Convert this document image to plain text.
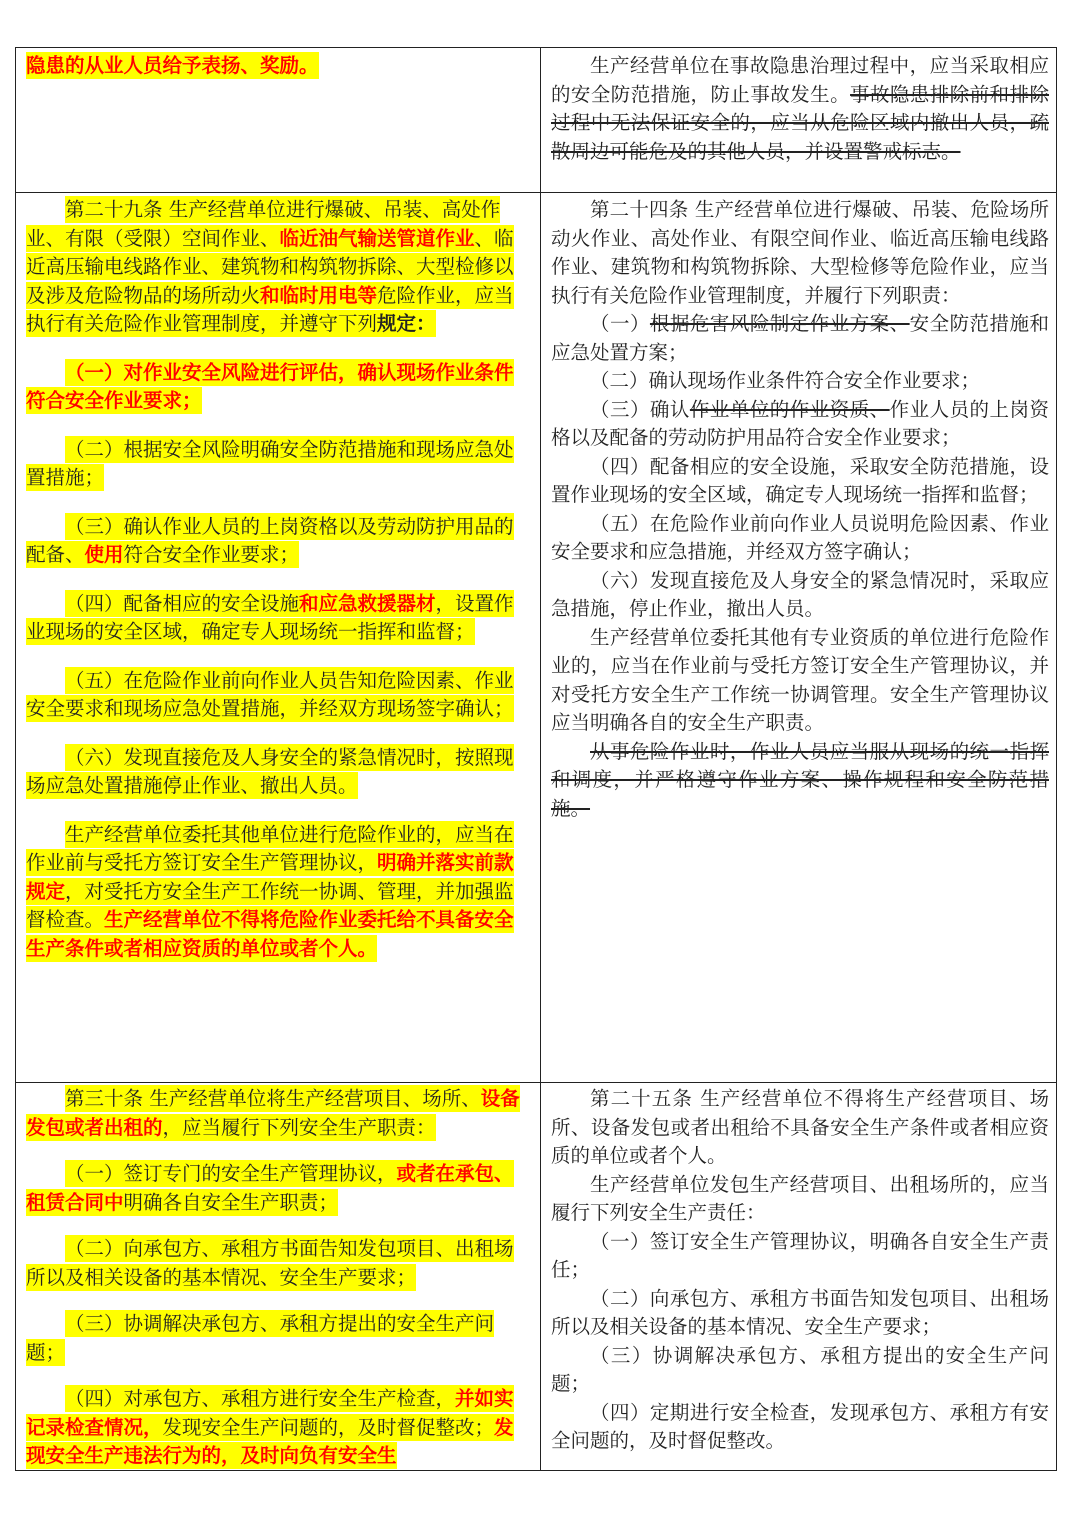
隐患的从业人员给予表扬、奖励。	生产经营单位在事故隐患治理过程中，应当采取相应的安全防范措施，防止事故发生。事故隐患排除前和排除过程中无法保证安全的，应当从危险区域内撤出人员，疏散周边可能危及的其他人员，并设置警戒标志。

第二十九条 生产经营单位进行爆破、吊装、高处作业、有限（受限）空间作业、临近油气输送管道作业、临近高压输电线路作业、建筑物和构筑物拆除、大型检修以及涉及危险物品的场所动火和临时用电等危险作业，应当执行有关危险作业管理制度，并遵守下列规定：

（一）对作业安全风险进行评估，确认现场作业条件符合安全作业要求；

（二）根据安全风险明确安全防范措施和现场应急处置措施；

（三）确认作业人员的上岗资格以及劳动防护用品的配备、使用符合安全作业要求；

（四）配备相应的安全设施和应急救援器材，设置作业现场的安全区域，确定专人现场统一指挥和监督；

（五）在危险作业前向作业人员告知危险因素、作业安全要求和现场应急处置措施，并经双方现场签字确认；

（六）发现直接危及人身安全的紧急情况时，按照现场应急处置措施停止作业、撤出人员。

生产经营单位委托其他单位进行危险作业的，应当在作业前与受托方签订安全生产管理协议，明确并落实前款规定，对受托方安全生产工作统一协调、管理，并加强监督检查。生产经营单位不得将危险作业委托给不具备安全生产条件或者相应资质的单位或者个人。

第二十四条 生产经营单位进行爆破、吊装、危险场所动火作业、高处作业、有限空间作业、临近高压输电线路作业、建筑物和构筑物拆除、大型检修等危险作业，应当执行有关危险作业管理制度，并履行下列职责：

（一）根据危害风险制定作业方案、安全防范措施和应急处置方案；

（二）确认现场作业条件符合安全作业要求；

（三）确认作业单位的作业资质、作业人员的上岗资格以及配备的劳动防护用品符合安全作业要求；

（四）配备相应的安全设施，采取安全防范措施，设置作业现场的安全区域，确定专人现场统一指挥和监督；

（五）在危险作业前向作业人员说明危险因素、作业安全要求和应急措施，并经双方签字确认；

（六）发现直接危及人身安全的紧急情况时，采取应急措施，停止作业，撤出人员。

生产经营单位委托其他有专业资质的单位进行危险作业的，应当在作业前与受托方签订安全生产管理协议，并对受托方安全生产工作统一协调管理。安全生产管理协议应当明确各自的安全生产职责。

从事危险作业时，作业人员应当服从现场的统一指挥和调度，并严格遵守作业方案、操作规程和安全防范措施。

第三十条 生产经营单位将生产经营项目、场所、设备发包或者出租的，应当履行下列安全生产职责：

（一）签订专门的安全生产管理协议，或者在承包、租赁合同中明确各自安全生产职责；

（二）向承包方、承租方书面告知发包项目、出租场所以及相关设备的基本情况、安全生产要求；

（三）协调解决承包方、承租方提出的安全生产问题；

（四）对承包方、承租方进行安全生产检查，并如实记录检查情况，发现安全生产问题的，及时督促整改；发现安全生产违法行为的，及时向负有安全生

第二十五条 生产经营单位不得将生产经营项目、场所、设备发包或者出租给不具备安全生产条件或者相应资质的单位或者个人。

生产经营单位发包生产经营项目、出租场所的，应当履行下列安全生产责任：

（一）签订安全生产管理协议，明确各自安全生产责任；

（二）向承包方、承租方书面告知发包项目、出租场所以及相关设备的基本情况、安全生产要求；

（三）协调解决承包方、承租方提出的安全生产问题；

（四）定期进行安全检查，发现承包方、承租方有安全问题的，及时督促整改。
